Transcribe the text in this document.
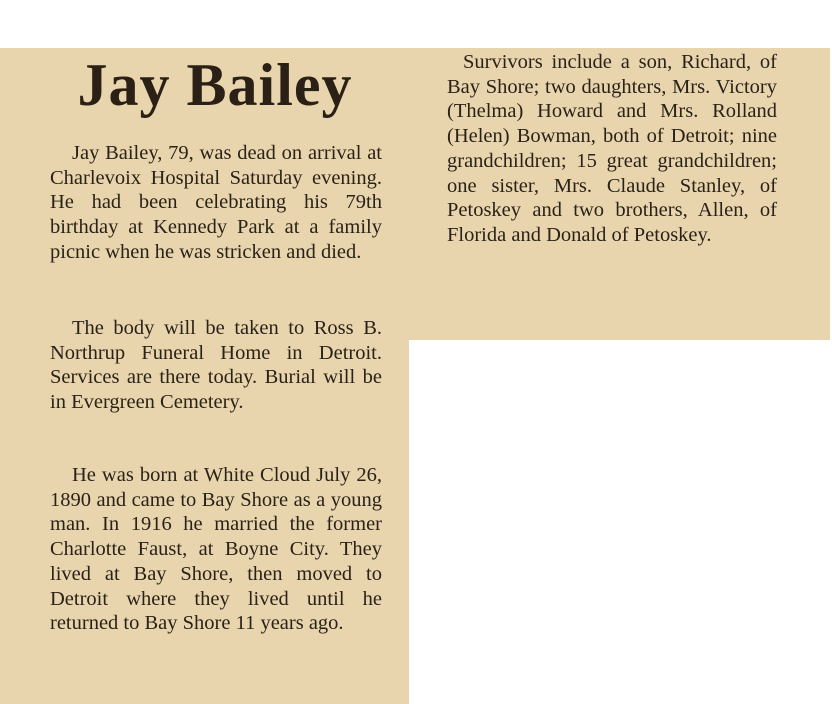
Jay Bailey

Jay Bailey, 79, was dead on arrival at Charlevoix Hospital Saturday evening. He had been celebrating his 79th birthday at Kennedy Park at a family picnic when he was stricken and died.

The body will be taken to Ross B. Northrup Funeral Home in Detroit. Services are there today. Burial will be in Evergreen Cemetery.

He was born at White Cloud July 26, 1890 and came to Bay Shore as a young man. In 1916 he married the former Charlotte Faust, at Boyne City. They lived at Bay Shore, then moved to Detroit where they lived until he returned to Bay Shore 11 years ago.

Survivors include a son, Richard, of Bay Shore; two daughters, Mrs. Victory (Thelma) Howard and Mrs. Rolland (Helen) Bowman, both of Detroit; nine grandchildren; 15 great grandchildren; one sister, Mrs. Claude Stanley, of Petoskey and two brothers, Allen, of Florida and Donald of Petoskey.
